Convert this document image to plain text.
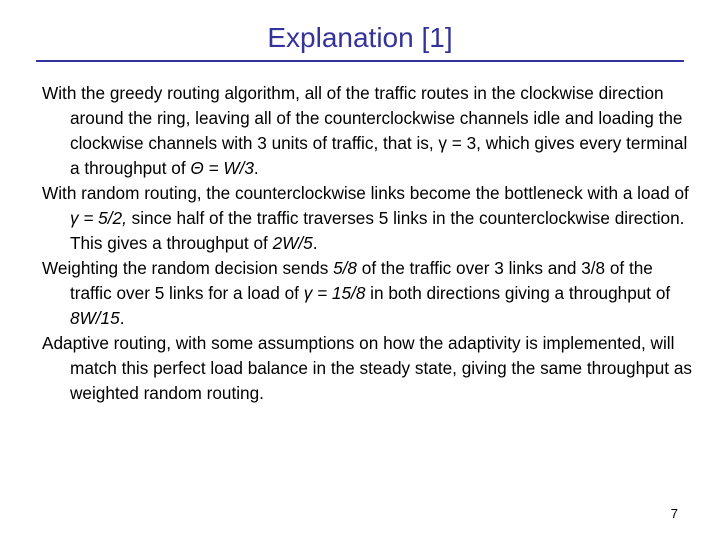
Explanation [1]

With the greedy routing algorithm, all of the traffic routes in the clockwise direction around the ring, leaving all of the counterclockwise channels idle and loading the clockwise channels with 3 units of traffic, that is, γ = 3, which gives every terminal a throughput of Θ = W/3.

With random routing, the counterclockwise links become the bottleneck with a load of γ = 5/2, since half of the traffic traverses 5 links in the counterclockwise direction. This gives a throughput of 2W/5.

Weighting the random decision sends 5/8 of the traffic over 3 links and 3/8 of the traffic over 5 links for a load of γ = 15/8 in both directions giving a throughput of 8W/15.

Adaptive routing, with some assumptions on how the adaptivity is implemented, will match this perfect load balance in the steady state, giving the same throughput as weighted random routing.

7
